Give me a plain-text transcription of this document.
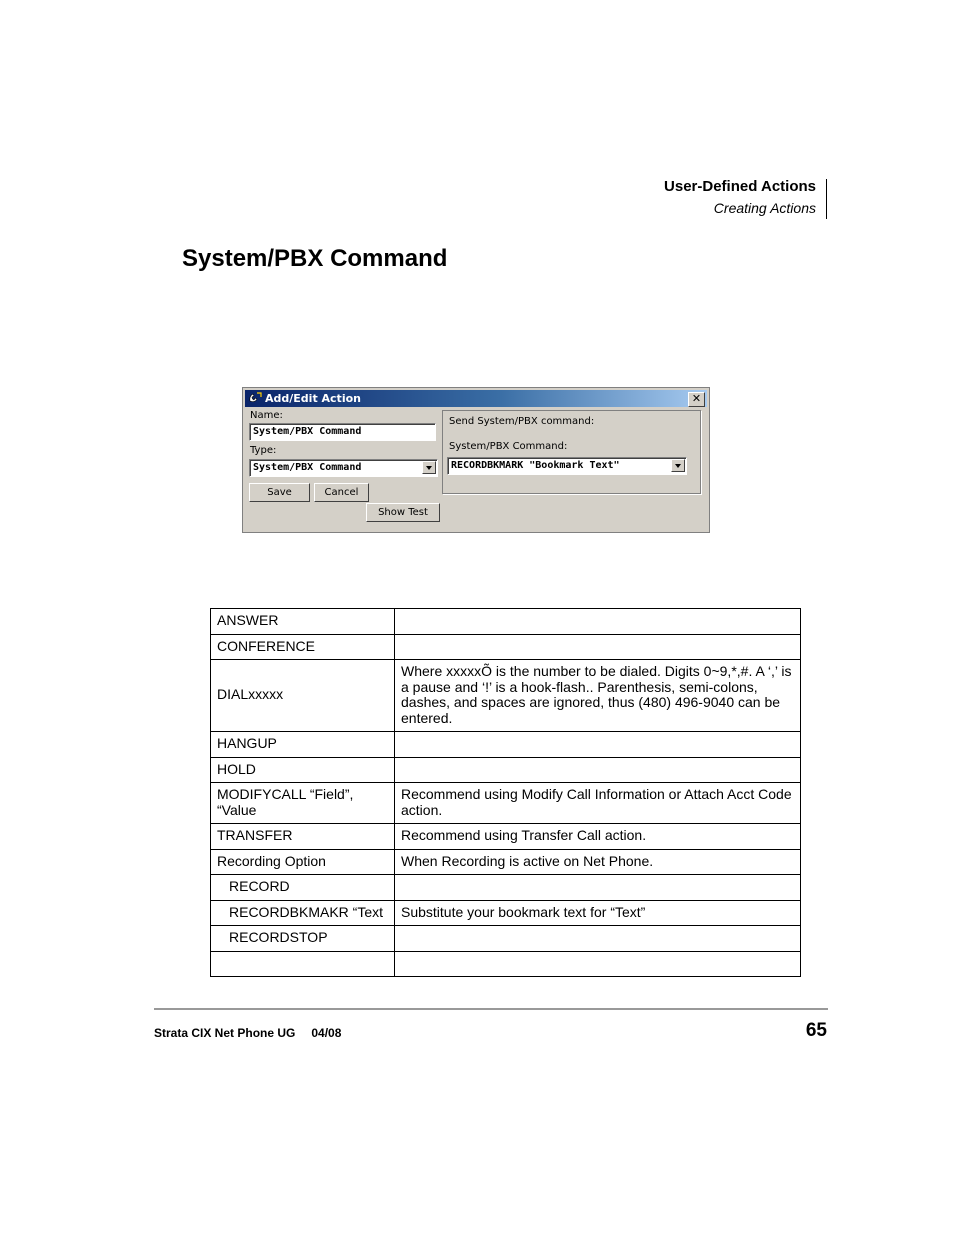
User-Defined Actions
Creating Actions
System/PBX Command
Add/Edit Action	✕
Name:
System/PBX Command
Type:
System/PBX Command
Save	Cancel
Show Test
Send System/PBX command:
System/PBX Command:
RECORDBKMARK "Bookmark Text"
ANSWER	
CONFERENCE	
DIALxxxxx	Where xxxxxÕ is the number to be dialed. Digits 0~9,*,#. A ‘,’ is a pause and ‘!’ is a hook-flash.. Parenthesis, semi-colons, dashes, and spaces are ignored, thus (480) 496-9040 can be entered.
HANGUP	
HOLD	
MODIFYCALL “Field”, “Value	Recommend using Modify Call Information or Attach Acct Code action.
TRANSFER	Recommend using Transfer Call action.
Recording Option	When Recording is active on Net Phone.
RECORD	
RECORDBKMAKR “Text	Substitute your bookmark text for “Text”
RECORDSTOP	

Strata CIX Net Phone UG 04/08	65
